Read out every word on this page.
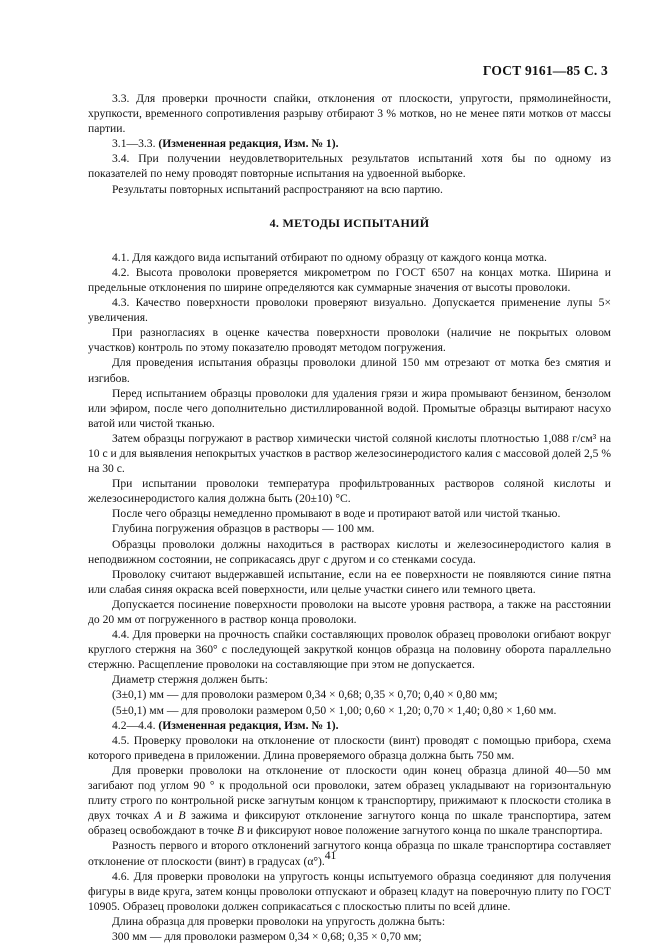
ГОСТ 9161—85 С. 3

3.3. Для проверки прочности спайки, отклонения от плоскости, упругости, прямолинейности, хрупкости, временного сопротивления разрыву отбирают 3 % мотков, но не менее пяти мотков от массы партии.

3.1—3.3. (Измененная редакция, Изм. № 1).

3.4. При получении неудовлетворительных результатов испытаний хотя бы по одному из показателей по нему проводят повторные испытания на удвоенной выборке.

Результаты повторных испытаний распространяют на всю партию.

4. МЕТОДЫ ИСПЫТАНИЙ

4.1. Для каждого вида испытаний отбирают по одному образцу от каждого конца мотка.

4.2. Высота проволоки проверяется микрометром по ГОСТ 6507 на концах мотка. Ширина и предельные отклонения по ширине определяются как суммарные значения от высоты проволоки.

4.3. Качество поверхности проволоки проверяют визуально. Допускается применение лупы 5× увеличения.

При разногласиях в оценке качества поверхности проволоки (наличие не покрытых оловом участков) контроль по этому показателю проводят методом погружения.

Для проведения испытания образцы проволоки длиной 150 мм отрезают от мотка без смятия и изгибов.

Перед испытанием образцы проволоки для удаления грязи и жира промывают бензином, бензолом или эфиром, после чего дополнительно дистиллированной водой. Промытые образцы вытирают насухо ватой или чистой тканью.

Затем образцы погружают в раствор химически чистой соляной кислоты плотностью 1,088 г/см³ на 10 с и для выявления непокрытых участков в раствор железосинеродистого калия с массовой долей 2,5 % на 30 с.

При испытании проволоки температура профильтрованных растворов соляной кислоты и железосинеродистого калия должна быть (20±10) °С.

После чего образцы немедленно промывают в воде и протирают ватой или чистой тканью.

Глубина погружения образцов в растворы — 100 мм.

Образцы проволоки должны находиться в растворах кислоты и железосинеродистого калия в неподвижном состоянии, не соприкасаясь друг с другом и со стенками сосуда.

Проволоку считают выдержавшей испытание, если на ее поверхности не появляются синие пятна или слабая синяя окраска всей поверхности, или целые участки синего или темного цвета.

Допускается посинение поверхности проволоки на высоте уровня раствора, а также на расстоянии до 20 мм от погруженного в раствор конца проволоки.

4.4. Для проверки на прочность спайки составляющих проволок образец проволоки огибают вокруг круглого стержня на 360° с последующей закруткой концов образца на половину оборота параллельно стержню. Расщепление проволоки на составляющие при этом не допускается.

Диаметр стержня должен быть:

(3±0,1) мм — для проволоки размером 0,34 × 0,68; 0,35 × 0,70; 0,40 × 0,80 мм;

(5±0,1) мм — для проволоки размером 0,50 × 1,00; 0,60 × 1,20; 0,70 × 1,40; 0,80 × 1,60 мм.

4.2—4.4. (Измененная редакция, Изм. № 1).

4.5. Проверку проволоки на отклонение от плоскости (винт) проводят с помощью прибора, схема которого приведена в приложении. Длина проверяемого образца должна быть 750 мм.

Для проверки проволоки на отклонение от плоскости один конец образца длиной 40—50 мм загибают под углом 90 ° к продольной оси проволоки, затем образец укладывают на горизонтальную плиту строго по контрольной риске загнутым концом к транспортиру, прижимают к плоскости столика в двух точках А и В зажима и фиксируют отклонение загнутого конца по шкале транспортира, затем образец освобождают в точке В и фиксируют новое положение загнутого конца по шкале транспортира.

Разность первого и второго отклонений загнутого конца образца по шкале транспортира составляет отклонение от плоскости (винт) в градусах (α°).

4.6. Для проверки проволоки на упругость концы испытуемого образца соединяют для получения фигуры в виде круга, затем концы проволоки отпускают и образец кладут на поверочную плиту по ГОСТ 10905. Образец проволоки должен соприкасаться с плоскостью плиты по всей длине.

Длина образца для проверки проволоки на упругость должна быть:

300 мм — для проволоки размером 0,34 × 0,68; 0,35 × 0,70 мм;

41
